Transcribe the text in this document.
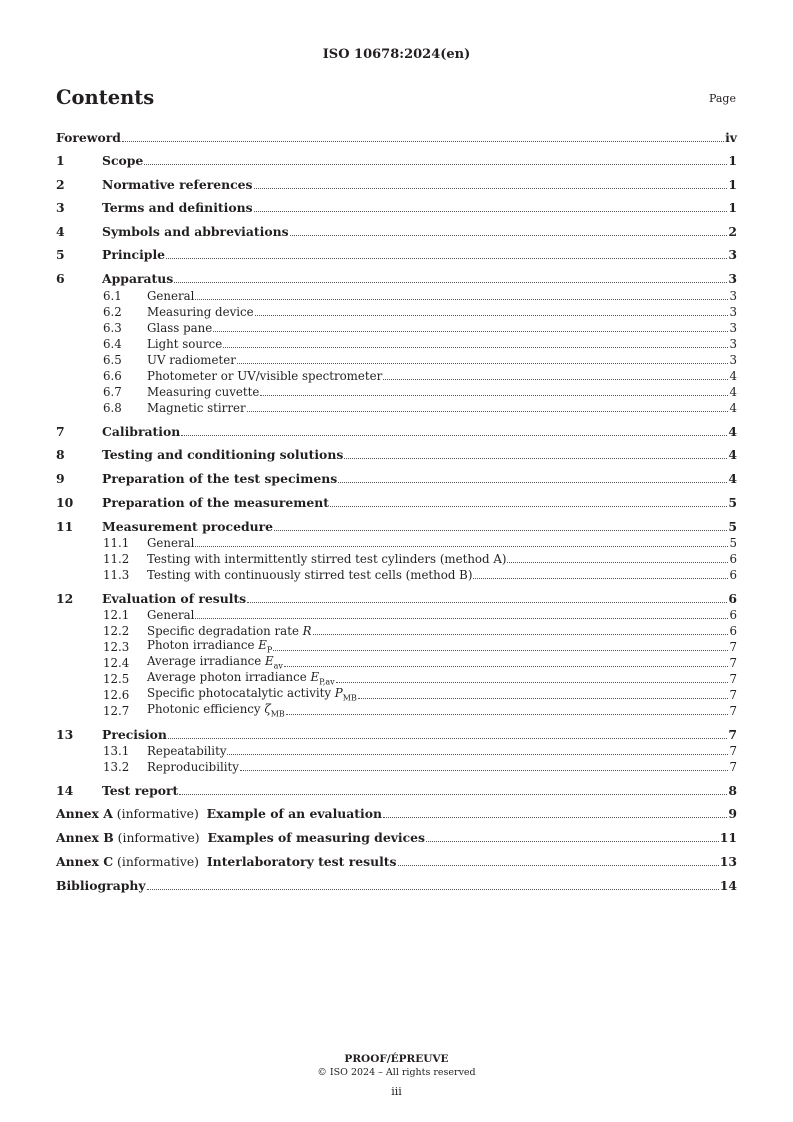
ISO 10678:2024(en)
Contents	Page
Foreword	iv
1	Scope	1
2	Normative references	1
3	Terms and definitions	1
4	Symbols and abbreviations	2
5	Principle	3
6	Apparatus	3
6.1	General	3
6.2	Measuring device	3
6.3	Glass pane	3
6.4	Light source	3
6.5	UV radiometer	3
6.6	Photometer or UV/visible spectrometer	4
6.7	Measuring cuvette	4
6.8	Magnetic stirrer	4
7	Calibration	4
8	Testing and conditioning solutions	4
9	Preparation of the test specimens	4
10	Preparation of the measurement	5
11	Measurement procedure	5
11.1	General	5
11.2	Testing with intermittently stirred test cylinders (method A)	6
11.3	Testing with continuously stirred test cells (method B)	6
12	Evaluation of results	6
12.1	General	6
12.2	Specific degradation rate R	6
12.3	Photon irradiance $E_P$	7
12.4	Average irradiance $E_{av}$	7
12.5	Average photon irradiance $E_{P,av}$	7
12.6	Specific photocatalytic activity $P_{MB}$	7
12.7	Photonic efficiency $\zeta_{MB}$	7
13	Precision	7
13.1	Repeatability	7
13.2	Reproducibility	7
14	Test report	8
Annex A (informative)  Example of an evaluation	9
Annex B (informative)  Examples of measuring devices	11
Annex C (informative)  Interlaboratory test results	13
Bibliography	14
PROOF/ÉPREUVE
© ISO 2024 – All rights reserved
iii
